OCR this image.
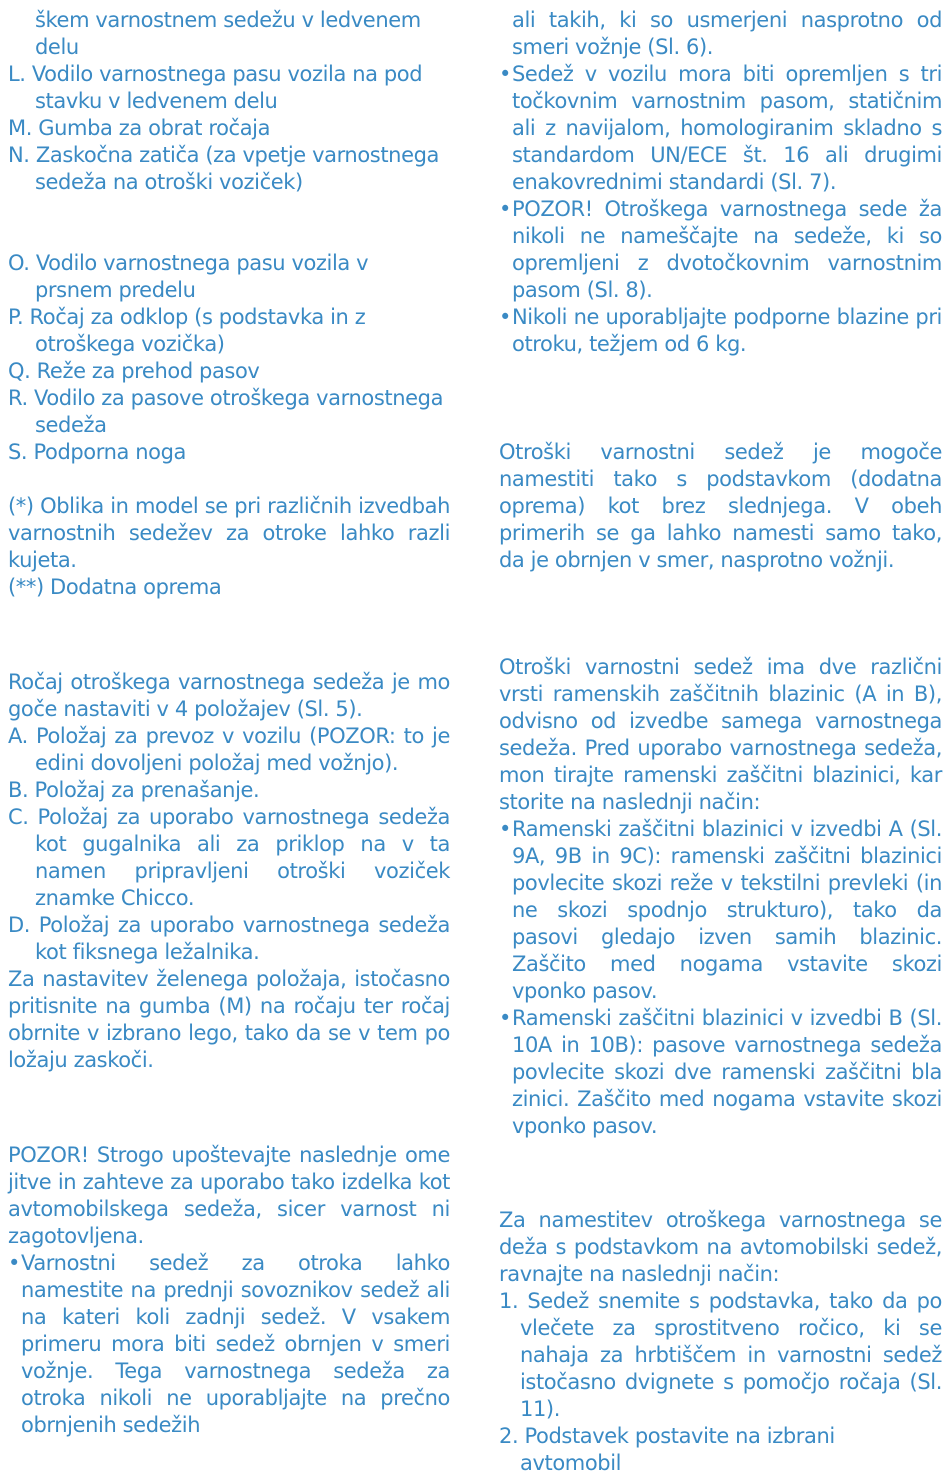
škem varnostnem sedežu v ledvenem delu

L. Vodilo varnostnega pasu vozila na pod stavku v ledvenem delu

M. Gumba za obrat ročaja

N. Zaskočna zatiča (za vpetje varnostnega sedeža na otroški voziček)

O. Vodilo varnostnega pasu vozila v prsnem predelu

P. Ročaj za odklop (s podstavka in z otroškega vozička)

Q. Reže za prehod pasov

R. Vodilo za pasove otroškega varnostnega sedeža

S. Podporna noga

(*) Oblika in model se pri različnih izvedbah varnostnih sedežev za otroke lahko razli kujeta.

(**) Dodatna oprema

Ročaj otroškega varnostnega sedeža je mo goče nastaviti v 4 položajev (Sl. 5).

A. Položaj za prevoz v vozilu (POZOR: to je edini dovoljeni položaj med vožnjo).

B. Položaj za prenašanje.

C. Položaj za uporabo varnostnega sedeža kot gugalnika ali za priklop na v ta namen pripravljeni otroški voziček znamke Chicco.

D. Položaj za uporabo varnostnega sedeža kot fiksnega ležalnika.

Za nastavitev želenega položaja, istočasno pritisnite na gumba (M) na ročaju ter ročaj obrnite v izbrano lego, tako da se v tem po ložaju zaskoči.

POZOR! Strogo upoštevajte naslednje ome jitve in zahteve za uporabo tako izdelka kot avtomobilskega sedeža, sicer varnost ni zagotovljena.

• Varnostni sedež za otroka lahko namestite na prednji sovoznikov sedež ali na kateri koli zadnji sedež. V vsakem primeru mora biti sedež obrnjen v smeri vožnje. Tega varnostnega sedeža za otroka nikoli ne uporabljajte na prečno obrnjenih sedežih

ali takih, ki so usmerjeni nasprotno od smeri vožnje (Sl. 6).

• Sedež v vozilu mora biti opremljen s tri točkovnim varnostnim pasom, statičnim ali z navijalom, homologiranim skladno s standardom UN/ECE št. 16 ali drugimi enakovrednimi standardi (Sl. 7).

• POZOR! Otroškega varnostnega sede ža nikoli ne nameščajte na sedeže, ki so opremljeni z dvotočkovnim varnostnim pasom (Sl. 8).

• Nikoli ne uporabljajte podporne blazine pri otroku, težjem od 6 kg.

Otroški varnostni sedež je mogoče namestiti tako s podstavkom (dodatna oprema) kot brez slednjega. V obeh primerih se ga lahko namesti samo tako, da je obrnjen v smer, nasprotno vožnji.

Otroški varnostni sedež ima dve različni vrsti ramenskih zaščitnih blazinic (A in B), odvisno od izvedbe samega varnostnega sedeža. Pred uporabo varnostnega sedeža, mon tirajte ramenski zaščitni blazinici, kar storite na naslednji način:

• Ramenski zaščitni blazinici v izvedbi A (Sl. 9A, 9B in 9C): ramenski zaščitni blazinici povlecite skozi reže v tekstilni prevleki (in ne skozi spodnjo strukturo), tako da pasovi gledajo izven samih blazinic. Zaščito med nogama vstavite skozi vponko pasov.

• Ramenski zaščitni blazinici v izvedbi B (Sl. 10A in 10B): pasove varnostnega sedeža povlecite skozi dve ramenski zaščitni bla zinici. Zaščito med nogama vstavite skozi vponko pasov.

Za namestitev otroškega varnostnega se deža s podstavkom na avtomobilski sedež, ravnajte na naslednji način:

1. Sedež snemite s podstavka, tako da po vlečete za sprostitveno ročico, ki se nahaja za hrbtiščem in varnostni sedež istočasno dvignete s pomočjo ročaja (Sl. 11).

2. Podstavek postavite na izbrani avtomobil
